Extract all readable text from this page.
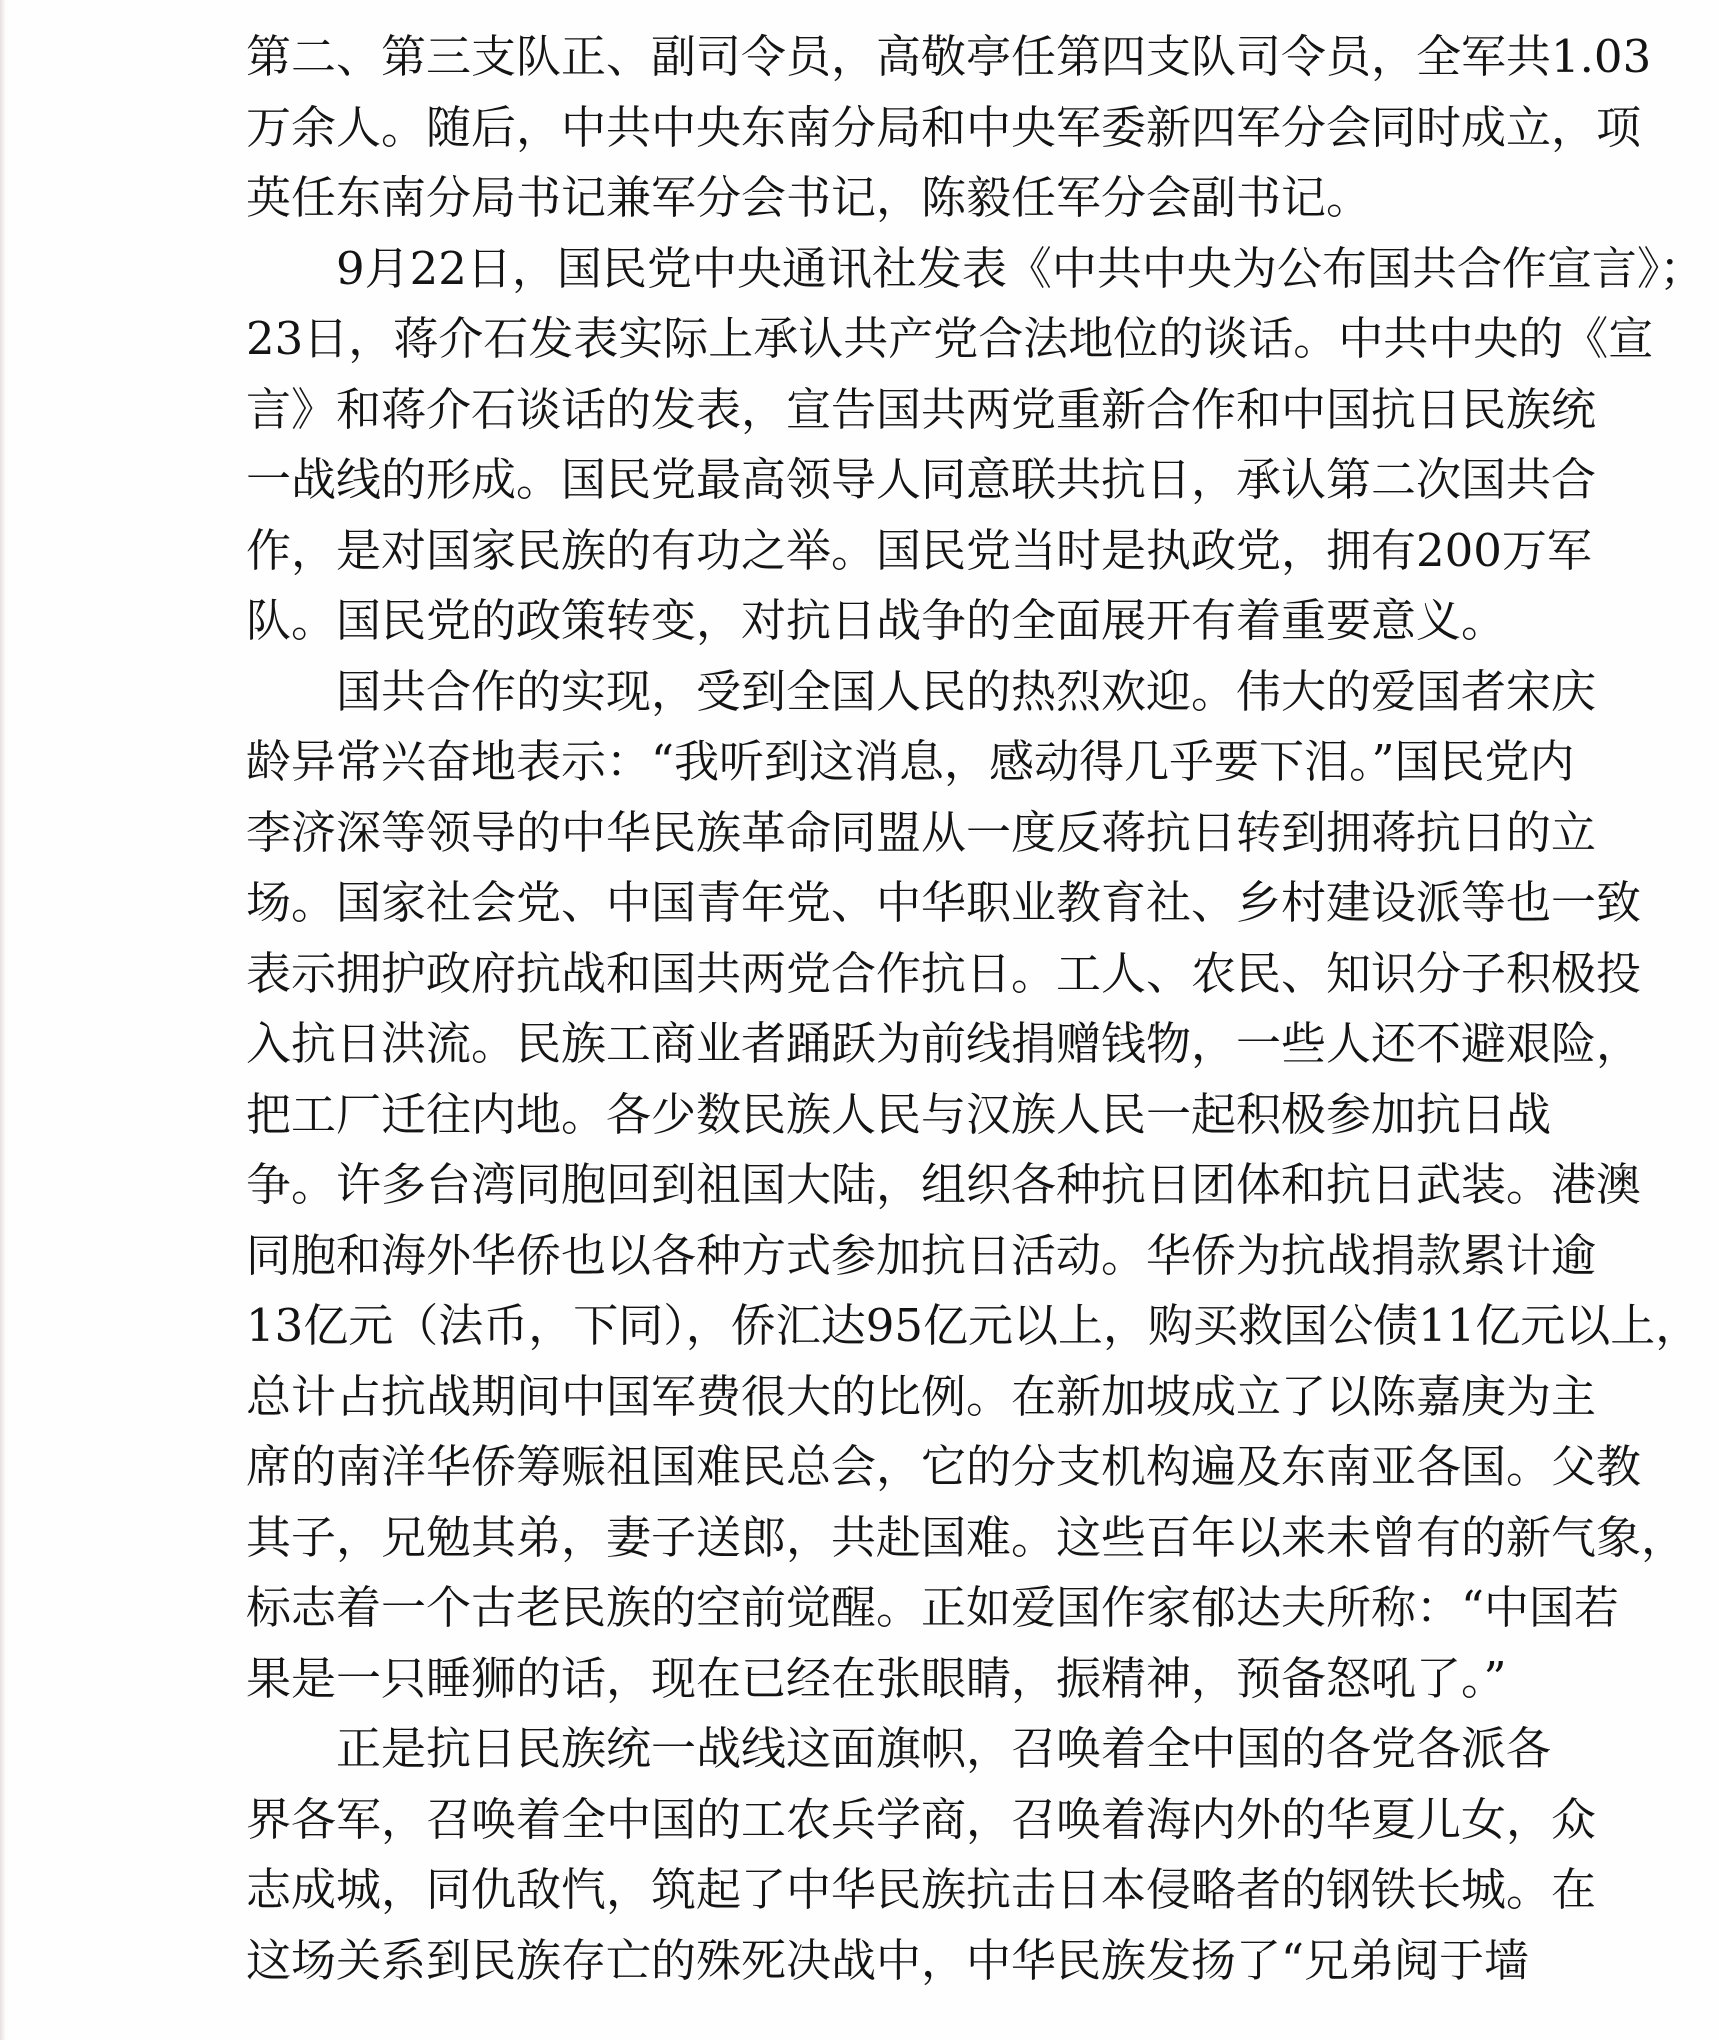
第二、第三支队正、副司令员，高敬亭任第四支队司令员，全军共1.03
万余人。随后，中共中央东南分局和中央军委新四军分会同时成立，项
英任东南分局书记兼军分会书记，陈毅任军分会副书记。
9月22日，国民党中央通讯社发表《中共中央为公布国共合作宣言》；
23日，蒋介石发表实际上承认共产党合法地位的谈话。中共中央的《宣
言》和蒋介石谈话的发表，宣告国共两党重新合作和中国抗日民族统
一战线的形成。国民党最高领导人同意联共抗日，承认第二次国共合
作，是对国家民族的有功之举。国民党当时是执政党，拥有200万军
队。国民党的政策转变，对抗日战争的全面展开有着重要意义。
国共合作的实现，受到全国人民的热烈欢迎。伟大的爱国者宋庆
龄异常兴奋地表示：“我听到这消息，感动得几乎要下泪。”国民党内
李济深等领导的中华民族革命同盟从一度反蒋抗日转到拥蒋抗日的立
场。国家社会党、中国青年党、中华职业教育社、乡村建设派等也一致
表示拥护政府抗战和国共两党合作抗日。工人、农民、知识分子积极投
入抗日洪流。民族工商业者踊跃为前线捐赠钱物，一些人还不避艰险，
把工厂迁往内地。各少数民族人民与汉族人民一起积极参加抗日战
争。许多台湾同胞回到祖国大陆，组织各种抗日团体和抗日武装。港澳
同胞和海外华侨也以各种方式参加抗日活动。华侨为抗战捐款累计逾
13亿元（法币，下同），侨汇达95亿元以上，购买救国公债11亿元以上，
总计占抗战期间中国军费很大的比例。在新加坡成立了以陈嘉庚为主
席的南洋华侨筹赈祖国难民总会，它的分支机构遍及东南亚各国。父教
其子，兄勉其弟，妻子送郎，共赴国难。这些百年以来未曾有的新气象，
标志着一个古老民族的空前觉醒。正如爱国作家郁达夫所称：“中国若
果是一只睡狮的话，现在已经在张眼睛，振精神，预备怒吼了。”
正是抗日民族统一战线这面旗帜，召唤着全中国的各党各派各
界各军，召唤着全中国的工农兵学商，召唤着海内外的华夏儿女，众
志成城，同仇敌忾，筑起了中华民族抗击日本侵略者的钢铁长城。在
这场关系到民族存亡的殊死决战中，中华民族发扬了“兄弟阋于墙
